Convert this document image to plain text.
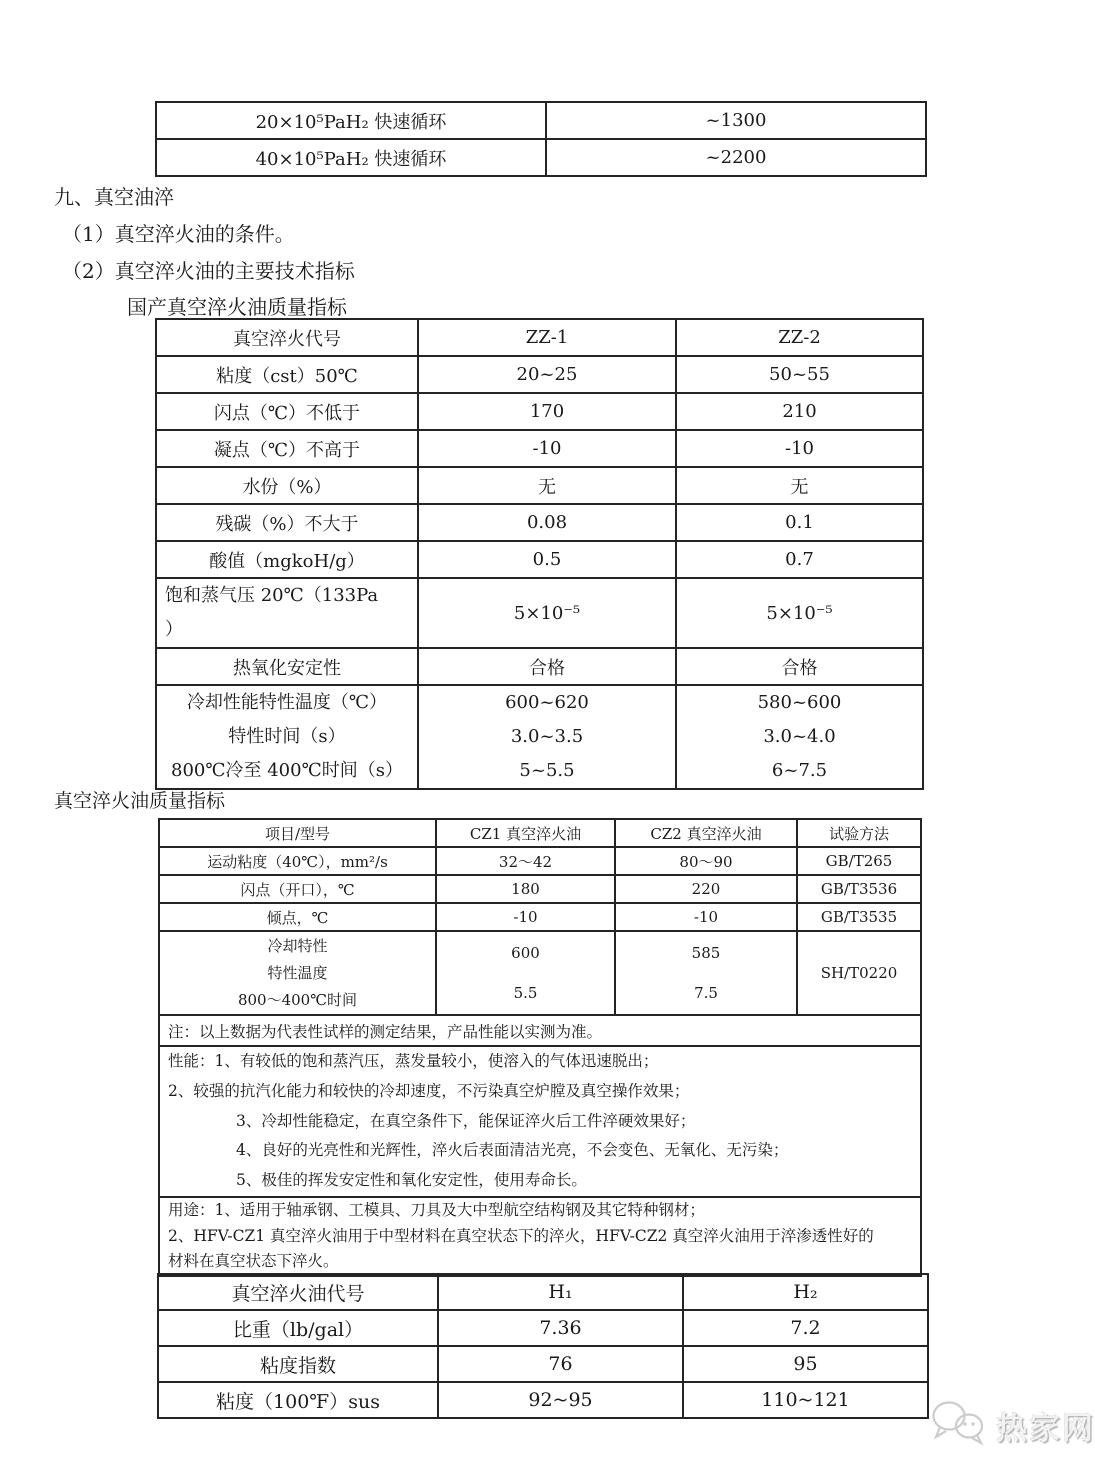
20×10⁵PaH₂ 快速循环	~1300
40×10⁵PaH₂ 快速循环	~2200
九、真空油淬
（1）真空淬火油的条件。
（2）真空淬火油的主要技术指标
国产真空淬火油质量指标
真空淬火代号	ZZ-1	ZZ-2
粘度（cst）50℃	20~25	50~55
闪点（℃）不低于	170	210
凝点（℃）不高于	-10	-10
水份（%）	无	无
残碳（%）不大于	0.08	0.1
酸值（mgkoH/g）	0.5	0.7

饱和蒸气压 20℃（133Pa
）	5×10⁻⁵	5×10⁻⁵
热氧化安定性	合格	合格

冷却性能特性温度（℃）
特性时间（s）
800℃冷至 400℃时间（s）

600~620
3.0~3.5
5~5.5

580~600
3.0~4.0
6~7.5
真空淬火油质量指标
项目/型号	CZ1 真空淬火油	CZ2 真空淬火油	试验方法
运动粘度（40℃），mm²/s	32～42	80～90	GB/T265
闪点（开口），℃	180	220	GB/T3536
倾点，℃	-10	-10	GB/T3535

冷却特性
特性温度
800～400℃时间

600
5.5

585
7.5
	SH/T0220
注：以上数据为代表性试样的测定结果，产品性能以实测为准。			

性能：1、有较低的饱和蒸汽压，蒸发量较小，使溶入的气体迅速脱出；
2、较强的抗汽化能力和较快的冷却速度，不污染真空炉膛及真空操作效果；
3、冷却性能稳定，在真空条件下，能保证淬火后工件淬硬效果好；
4、良好的光亮性和光辉性，淬火后表面清洁光亮，不会变色、无氧化、无污染；
5、极佳的挥发安定性和氧化安定性，使用寿命长。			

用途：1、适用于轴承钢、工模具、刀具及大中型航空结构钢及其它特种钢材；
2、HFV-CZ1 真空淬火油用于中型材料在真空状态下的淬火，HFV-CZ2 真空淬火油用于淬渗透性好的
材料在真空状态下淬火。			
真空淬火油代号	H₁	H₂
比重（lb/gal）	7.36	7.2
粘度指数	76	95
粘度（100℉）sus	92~95	110~121
热家网
